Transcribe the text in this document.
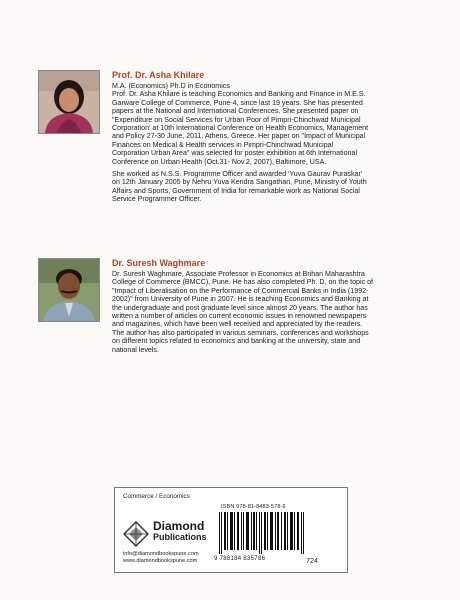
Prof. Dr. Asha Khilare

M.A. (Economics) Ph.D in Economics

Prof. Dr. Asha Khilare is teaching Economics and Banking and Finance in M.E.S.

Garware College of Commerce, Pune-4, since last 19 years. She has presented

papers at the National and International Conferences. She presented paper on

"Expenditure on Social Services for Urban Poor of Pimpri-Chinchwad Municipal

Corporation' at 10th International Conference on Health Economics, Management

and Policy 27-30 June, 2011, Athens, Greece. Her paper on "Impact of Municipal

Finances on Medical & Health services in Pimpri-Chinchwad Municipal

Corporation Urban Area" was selected for poster exhibition at 6th International

Conference on Urban Health (Oct.31- Nov.2, 2007), Baltimore, USA.

She worked as N.S.S. Programme Officer and awarded 'Yuva Gaurav Puraskar'

on 12th January 2005 by Nehru Yuva Kendra Sangathan, Pune, Ministry of Youth

Affairs and Sports, Government of India for remarkable work as National Social

Service Programmer Officer.

Dr. Suresh Waghmare

Dr. Suresh Waghmare, Associate Professor in Economics at Brihan Maharashtra

College of Commerce (BMCC), Pune. He has also completed Ph. D. on the topic of

"Impact of Liberalisation on the Performance of Commercial Banks in India (1992-

2002)" from University of Pune in 2007. He is teaching Economics and Banking at

the undergraduate and post graduate level since almost 20 years. The author has

written a number of articles on current economic issues in renowned newspapers

and magazines, which have been well received and appreciated by the readers.

The author has also participated in various seminars, conferences and workshops

on different topics related to economics and banking at the university, state and

national levels.

Commerce / Economics
ISBN 978-81-8483-578-6
9 788184 835786	724
Diamond
Publications
info@diamondbookspune.com
www.diamondbookspune.com
